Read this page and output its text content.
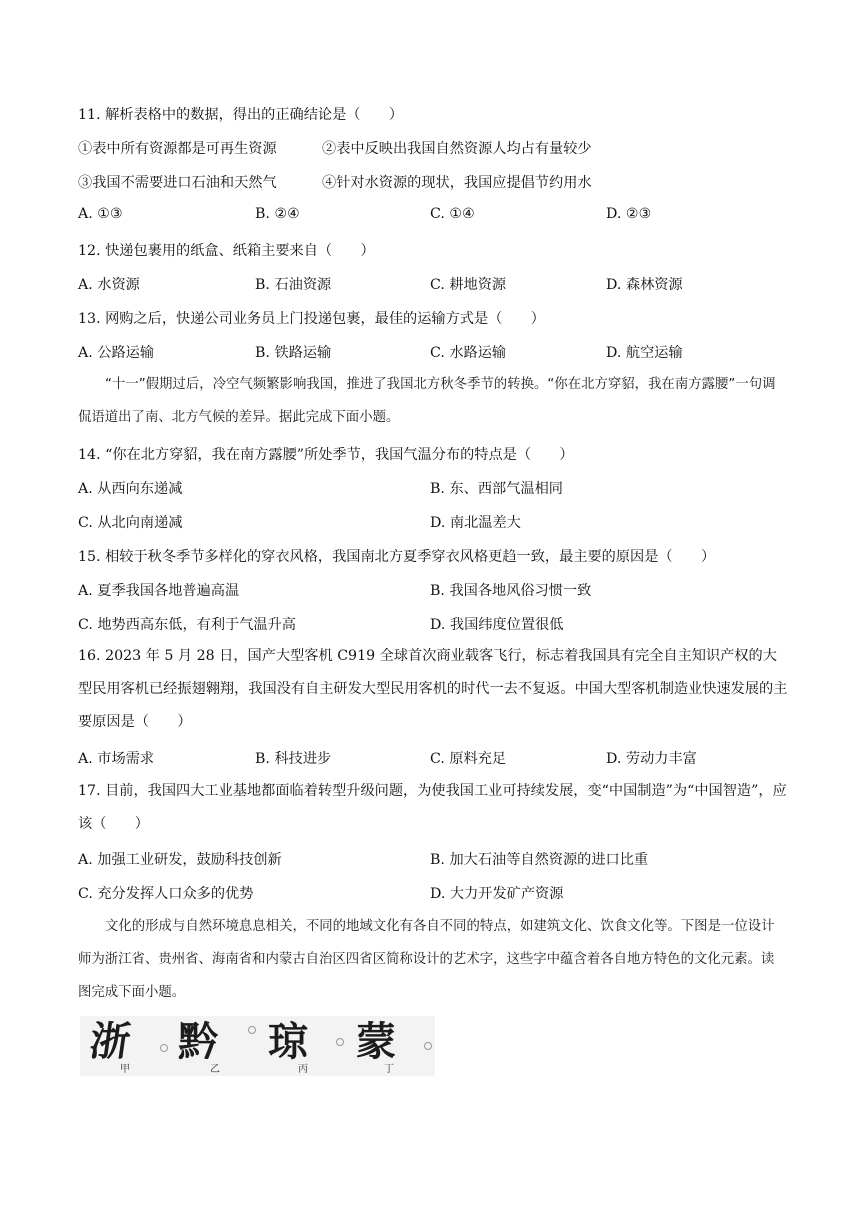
11. 解析表格中的数据，得出的正确结论是（　　）
①表中所有资源都是可再生资源	②表中反映出我国自然资源人均占有量较少
③我国不需要进口石油和天然气	④针对水资源的现状，我国应提倡节约用水
A. ①③	B. ②④	C. ①④	D. ②③
12. 快递包裹用的纸盒、纸箱主要来自（　　）
A. 水资源	B. 石油资源	C. 耕地资源	D. 森林资源
13. 网购之后，快递公司业务员上门投递包裹，最佳的运输方式是（　　）
A. 公路运输	B. 铁路运输	C. 水路运输	D. 航空运输
“十一”假期过后，冷空气频繁影响我国，推进了我国北方秋冬季节的转换。“你在北方穿貂，我在南方露腰”一句调侃语道出了南、北方气候的差异。据此完成下面小题。
14. “你在北方穿貂，我在南方露腰”所处季节，我国气温分布的特点是（　　）
A. 从西向东递减	B. 东、西部气温相同
C. 从北向南递减	D. 南北温差大
15. 相较于秋冬季节多样化的穿衣风格，我国南北方夏季穿衣风格更趋一致，最主要的原因是（　　）
A. 夏季我国各地普遍高温	B. 我国各地风俗习惯一致
C. 地势西高东低，有利于气温升高	D. 我国纬度位置很低
16. 2023 年 5 月 28 日，国产大型客机 C919 全球首次商业载客飞行，标志着我国具有完全自主知识产权的大型民用客机已经振翅翱翔，我国没有自主研发大型民用客机的时代一去不复返。中国大型客机制造业快速发展的主要原因是（　　）
A. 市场需求	B. 科技进步	C. 原料充足	D. 劳动力丰富
17. 目前，我国四大工业基地都面临着转型升级问题，为使我国工业可持续发展，变“中国制造”为“中国智造”，应该（　　）
A. 加强工业研发，鼓励科技创新	B. 加大石油等自然资源的进口比重
C. 充分发挥人口众多的优势	D. 大力开发矿产资源
文化的形成与自然环境息息相关，不同的地域文化有各自不同的特点，如建筑文化、饮食文化等。下图是一位设计师为浙江省、贵州省、海南省和内蒙古自治区四省区简称设计的艺术字，这些字中蕴含着各自地方特色的文化元素。读图完成下面小题。
浙 黔 琼 蒙
甲	乙	丙	丁
